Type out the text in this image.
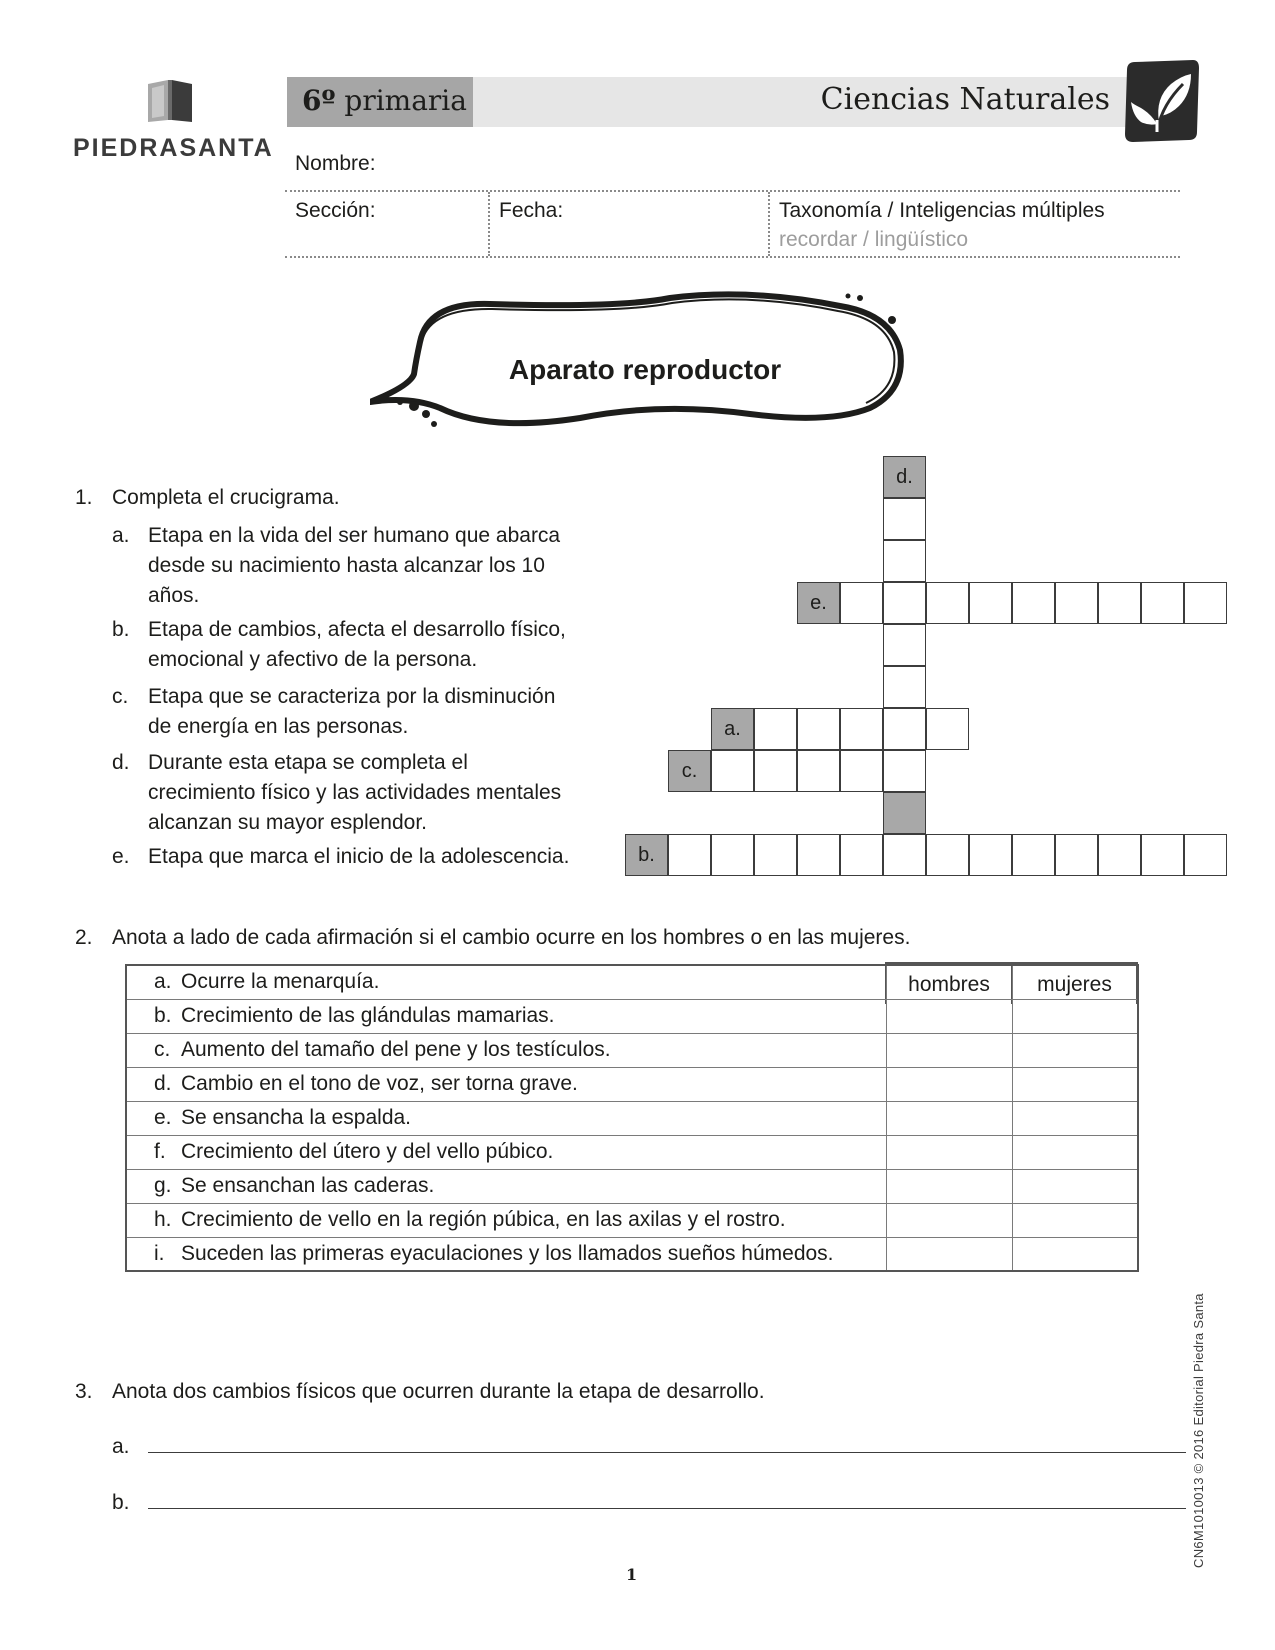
PIEDRASANTA
6º primaria	Ciencias Naturales
Nombre:
Sección:	Fecha:	Taxonomía / Inteligencias múltiples
recordar / lingüístico
Aparato reproductor
1. Completa el crucigrama.
a. Etapa en la vida del ser humano que abarca
desde su nacimiento hasta alcanzar los 10
años.
b. Etapa de cambios, afecta el desarrollo físico,
emocional y afectivo de la persona.
c. Etapa que se caracteriza por la disminución
de energía en las personas.
d. Durante esta etapa se completa el
crecimiento físico y las actividades mentales
alcanzan su mayor esplendor.
e. Etapa que marca el inicio de la adolescencia.
d.
e.
a.
c.
b.
2. Anota a lado de cada afirmación si el cambio ocurre en los hombres o en las mujeres.
hombres	mujeres
a. Ocurre la menarquía.		
b. Crecimiento de las glándulas mamarias.		
c. Aumento del tamaño del pene y los testículos.		
d. Cambio en el tono de voz, ser torna grave.		
e. Se ensancha la espalda.		
f. Crecimiento del útero y del vello púbico.		
g. Se ensanchan las caderas.		
h. Crecimiento de vello en la región púbica, en las axilas y el rostro.		
i. Suceden las primeras eyaculaciones y los llamados sueños húmedos.		
3. Anota dos cambios físicos que ocurren durante la etapa de desarrollo.
a.
b.	CN6M1010013 © 2016 Editorial Piedra Santa
1
